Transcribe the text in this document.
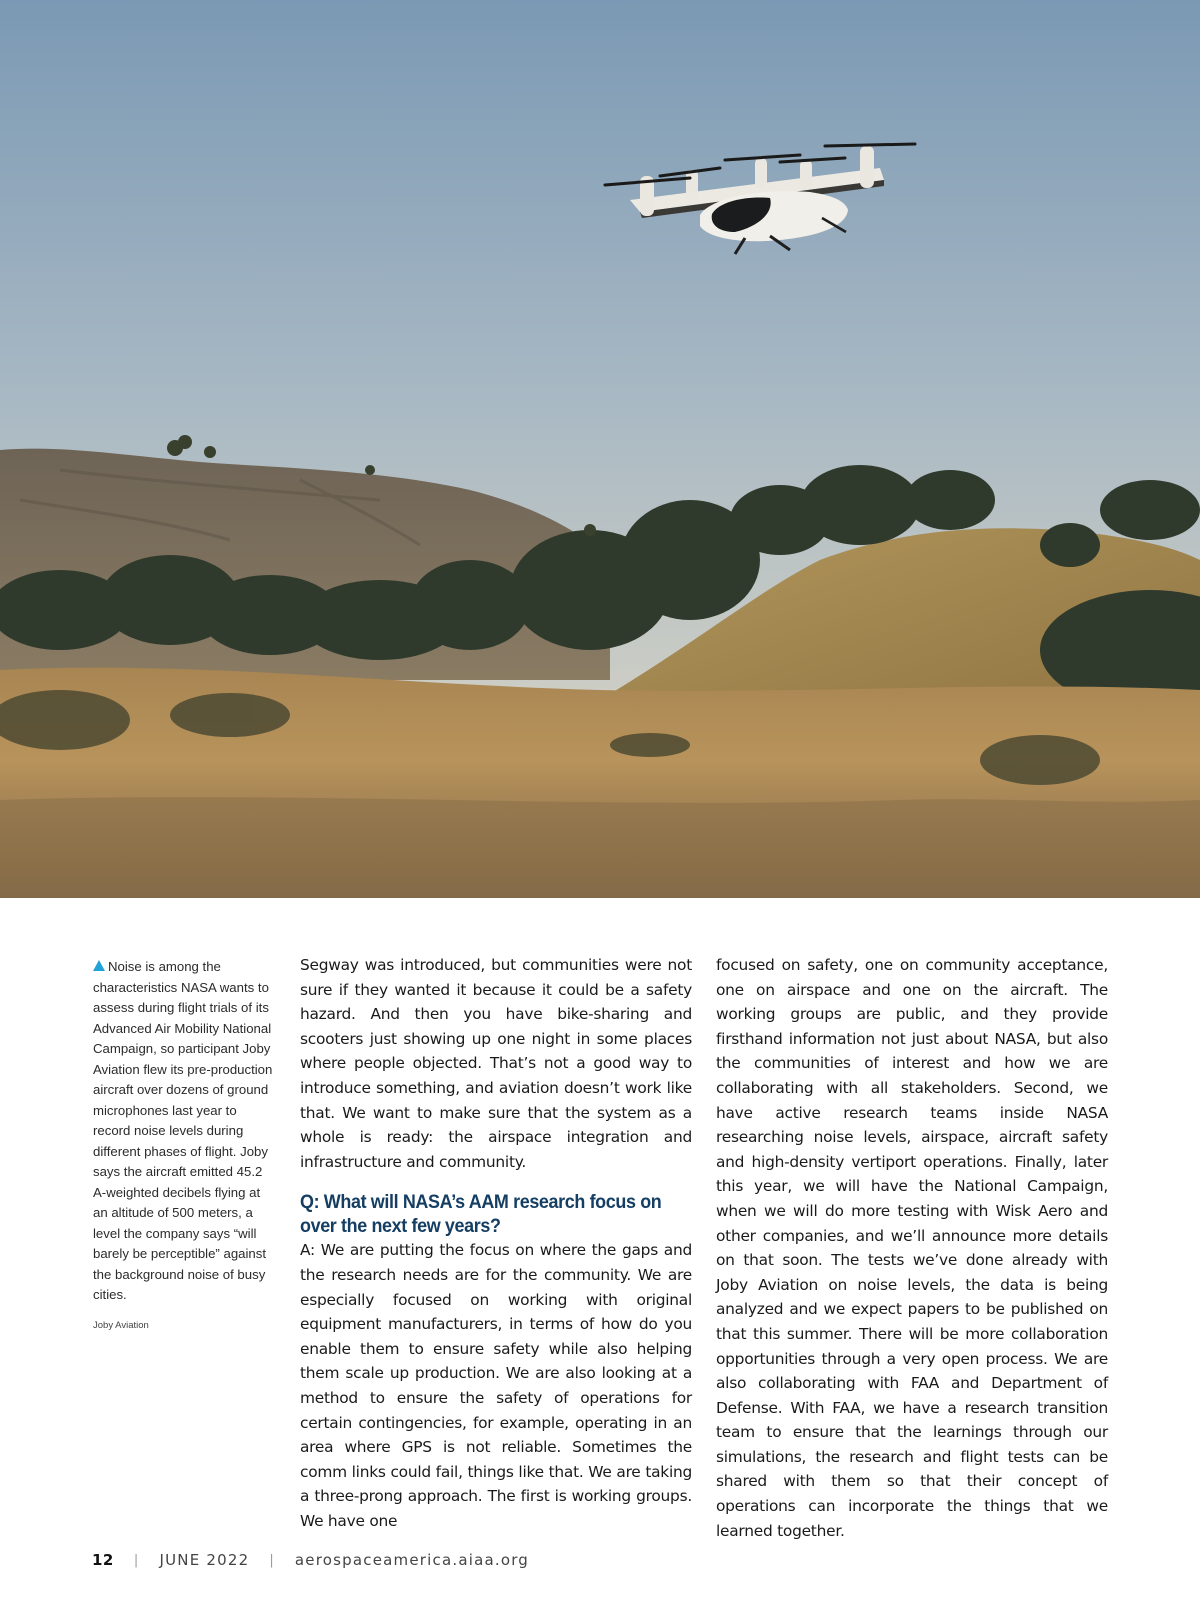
Noise is among the characteristics NASA wants to assess during flight trials of its Advanced Air Mobility National Campaign, so participant Joby Aviation flew its pre-production aircraft over dozens of ground microphones last year to record noise levels during different phases of flight. Joby says the aircraft emitted 45.2 A-weighted decibels flying at an altitude of 500 meters, a level the company says “will barely be perceptible” against the background noise of busy cities.

Joby Aviation

Segway was introduced, but communities were not sure if they wanted it because it could be a safety hazard. And then you have bike-sharing and scooters just showing up one night in some places where people objected. That’s not a good way to introduce something, and aviation doesn’t work like that. We want to make sure that the system as a whole is ready: the airspace integration and infrastructure and community.

Q: What will NASA’s AAM research focus on over the next few years?

A: We are putting the focus on where the gaps and the research needs are for the community. We are especially focused on working with original equipment manufacturers, in terms of how do you enable them to ensure safety while also helping them scale up production. We are also looking at a method to ensure the safety of operations for certain contingencies, for example, operating in an area where GPS is not reliable. Sometimes the comm links could fail, things like that. We are taking a three-prong approach. The first is working groups. We have one

focused on safety, one on community acceptance, one on airspace and one on the aircraft. The working groups are public, and they provide firsthand information not just about NASA, but also the communities of interest and how we are collaborating with all stakeholders. Second, we have active research teams inside NASA researching noise levels, airspace, aircraft safety and high-density vertiport operations. Finally, later this year, we will have the National Campaign, when we will do more testing with Wisk Aero and other companies, and we’ll announce more details on that soon. The tests we’ve done already with Joby Aviation on noise levels, the data is being analyzed and we expect papers to be published on that this summer. There will be more collaboration opportunities through a very open process. We are also collaborating with FAA and Department of Defense. With FAA, we have a research transition team to ensure that the learnings through our simulations, the research and flight tests can be shared with them so that their concept of operations can incorporate the things that we learned together.

12 | JUNE 2022 | aerospaceamerica.aiaa.org
